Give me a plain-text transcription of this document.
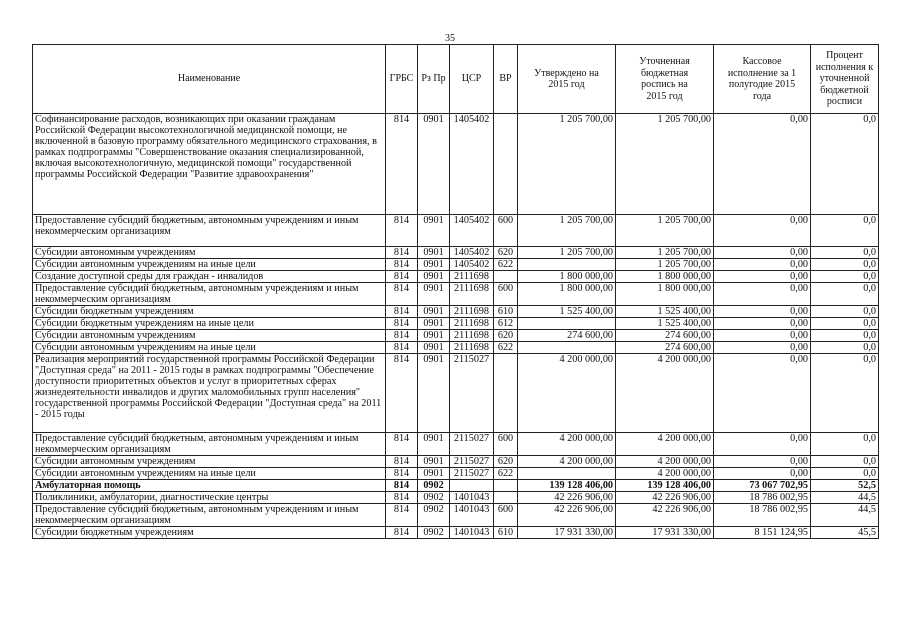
35
Наименование	ГРБС	Рз Пр	ЦСР	ВР	Утверждено на 2015 год	Уточненная бюджетная роспись на 2015 год	Кассовое исполнение за 1 полугодие 2015 года	Процент исполнения к уточненной бюджетной росписи
Софинансирование расходов, возникающих при оказании гражданам Российской Федерации высокотехнологичной медицинской помощи, не включенной в базовую программу обязательного медицинского страхования, в рамках подпрограммы "Совершенствование оказания специализированной, включая высокотехнологичную, медицинской помощи" государственной программы Российской Федерации "Развитие здравоохранения"	814	0901	1405402		1 205 700,00	1 205 700,00	0,00	0,0
Предоставление субсидий бюджетным, автономным учреждениям и иным некоммерческим организациям	814	0901	1405402	600	1 205 700,00	1 205 700,00	0,00	0,0
Субсидии автономным учреждениям	814	0901	1405402	620	1 205 700,00	1 205 700,00	0,00	0,0
Субсидии автономным учреждениям на иные цели	814	0901	1405402	622		1 205 700,00	0,00	0,0
Создание доступной среды для граждан - инвалидов	814	0901	2111698		1 800 000,00	1 800 000,00	0,00	0,0
Предоставление субсидий бюджетным, автономным учреждениям и иным некоммерческим организациям	814	0901	2111698	600	1 800 000,00	1 800 000,00	0,00	0,0
Субсидии бюджетным учреждениям	814	0901	2111698	610	1 525 400,00	1 525 400,00	0,00	0,0
Субсидии бюджетным учреждениям на иные цели	814	0901	2111698	612		1 525 400,00	0,00	0,0
Субсидии автономным учреждениям	814	0901	2111698	620	274 600,00	274 600,00	0,00	0,0
Субсидии автономным учреждениям на иные цели	814	0901	2111698	622		274 600,00	0,00	0,0
Реализация мероприятий государственной программы Российской Федерации "Доступная среда" на 2011 - 2015 годы в рамках подпрограммы "Обеспечение доступности приоритетных объектов и услуг в приоритетных сферах жизнедеятельности инвалидов и других маломобильных групп населения" государственной программы Российской Федерации "Доступная среда" на 2011 - 2015 годы	814	0901	2115027		4 200 000,00	4 200 000,00	0,00	0,0
Предоставление субсидий бюджетным, автономным учреждениям и иным некоммерческим организациям	814	0901	2115027	600	4 200 000,00	4 200 000,00	0,00	0,0
Субсидии автономным учреждениям	814	0901	2115027	620	4 200 000,00	4 200 000,00	0,00	0,0
Субсидии автономным учреждениям на иные цели	814	0901	2115027	622		4 200 000,00	0,00	0,0
Амбулаторная помощь	814	0902			139 128 406,00	139 128 406,00	73 067 702,95	52,5
Поликлиники, амбулатории, диагностические центры	814	0902	1401043		42 226 906,00	42 226 906,00	18 786 002,95	44,5
Предоставление субсидий бюджетным, автономным учреждениям и иным некоммерческим организациям	814	0902	1401043	600	42 226 906,00	42 226 906,00	18 786 002,95	44,5
Субсидии бюджетным учреждениям	814	0902	1401043	610	17 931 330,00	17 931 330,00	8 151 124,95	45,5
